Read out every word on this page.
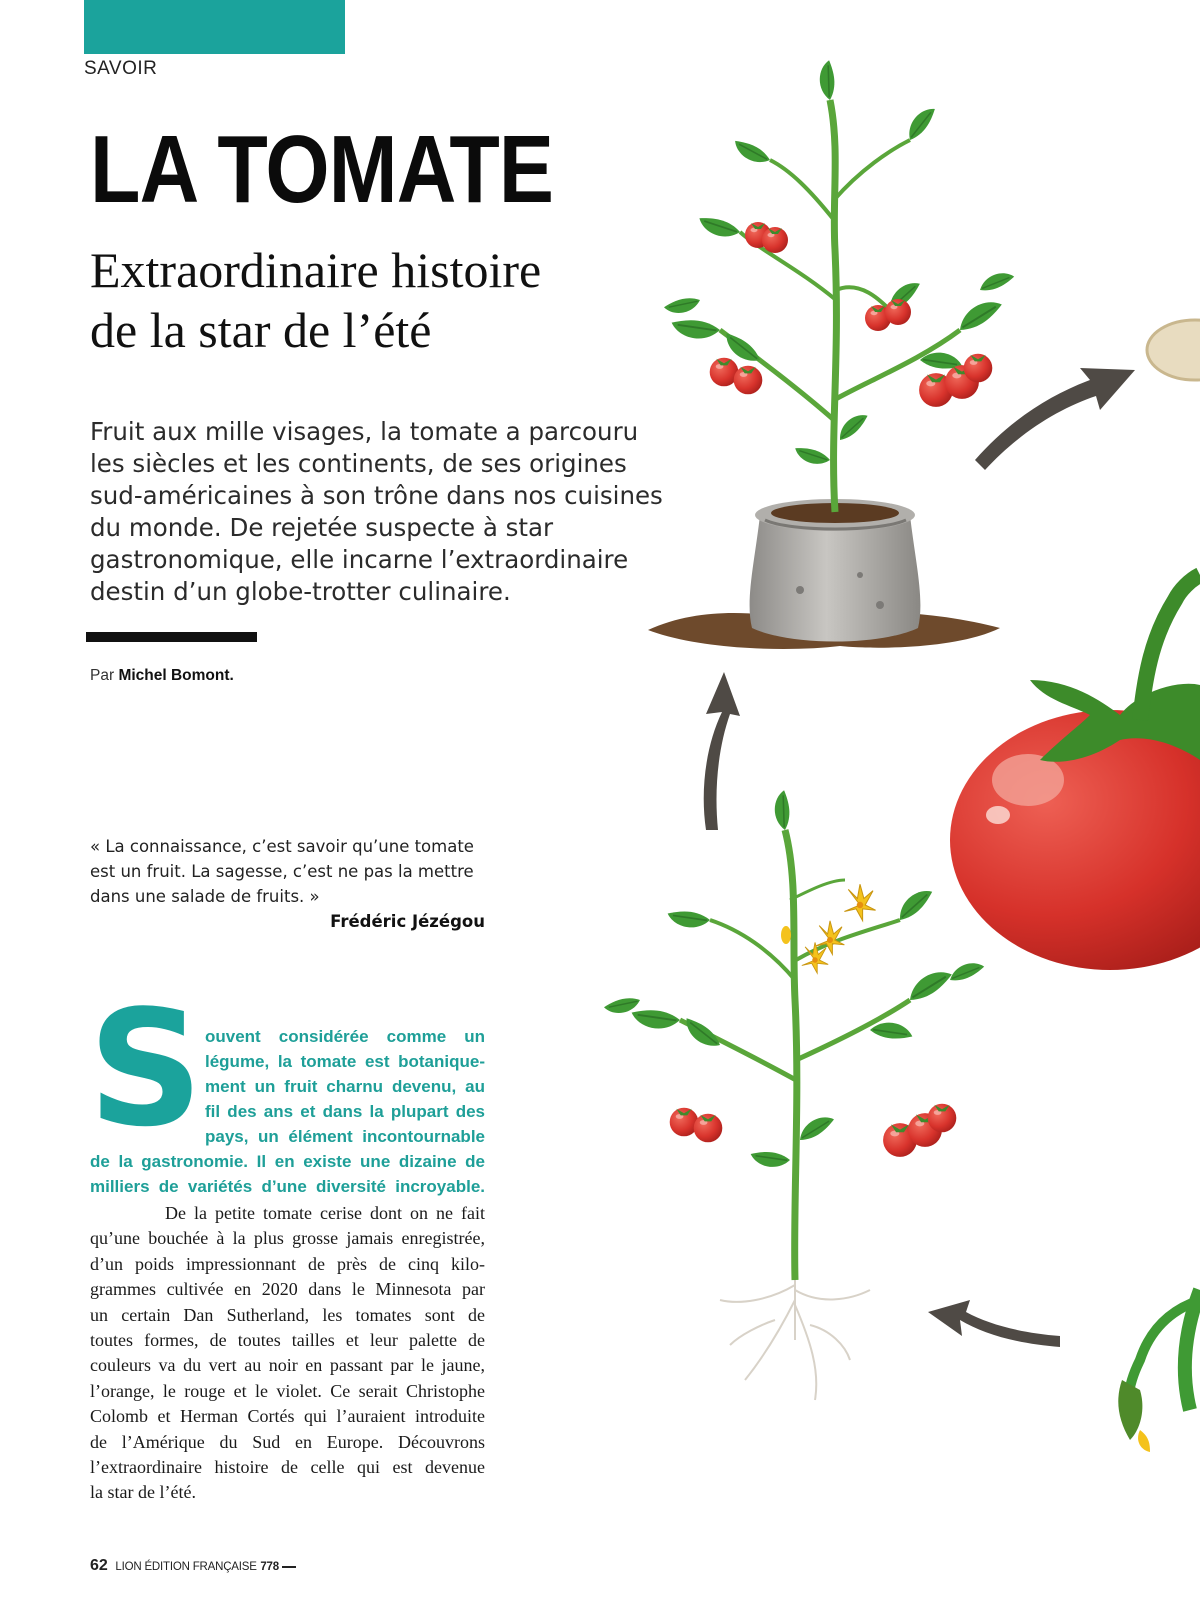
SAVOIR
LA TOMATE
Extraordinaire histoire
de la star de l’été
Fruit aux mille visages, la tomate a parcouru
les siècles et les continents, de ses origines
sud-américaines à son trône dans nos cuisines
du monde. De rejetée suspecte à star
gastronomique, elle incarne l’extraordinaire
destin d’un globe-trotter culinaire.
Par Michel Bomont.
« La connaissance, c’est savoir qu’une tomate
est un fruit. La sagesse, c’est ne pas la mettre
dans une salade de fruits. »
Frédéric Jézégou
S ouvent considérée comme un
légume, la tomate est botanique-
ment un fruit charnu devenu, au
fil des ans et dans la plupart des
pays, un élément incontournable
de la gastronomie. Il en existe une dizaine de
milliers de variétés d’une diversité incroyable.
De la petite tomate cerise dont on ne fait
qu’une bouchée à la plus grosse jamais enregistrée,
d’un poids impressionnant de près de cinq kilo-
grammes cultivée en 2020 dans le Minnesota par
un certain Dan Sutherland, les tomates sont de
toutes formes, de toutes tailles et leur palette de
couleurs va du vert au noir en passant par le jaune,
l’orange, le rouge et le violet. Ce serait Christophe
Colomb et Herman Cortés qui l’auraient introduite
de l’Amérique du Sud en Europe. Découvrons
l’extraordinaire histoire de celle qui est devenue
la star de l’été.
62 LION ÉDITION FRANÇAISE 778
